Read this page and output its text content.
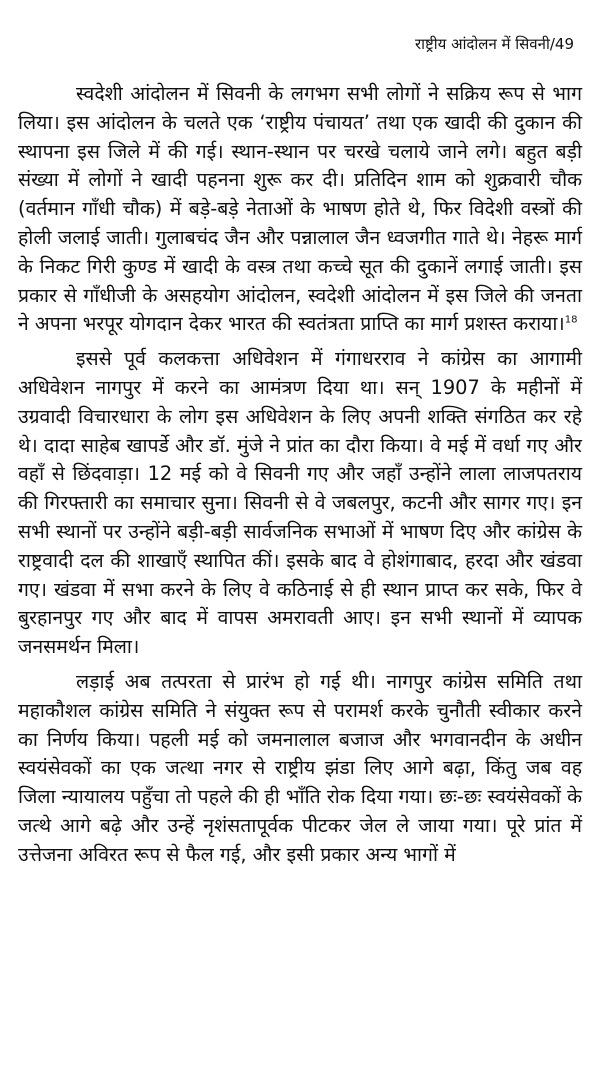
राष्ट्रीय आंदोलन में सिवनी/49

स्वदेशी आंदोलन में सिवनी के लगभग सभी लोगों ने सक्रिय रूप से भाग लिया। इस आंदोलन के चलते एक ‘राष्ट्रीय पंचायत’ तथा एक खादी की दुकान की स्थापना इस जिले में की गई। स्थान-स्थान पर चरखे चलाये जाने लगे। बहुत बड़ी संख्या में लोगों ने खादी पहनना शुरू कर दी। प्रतिदिन शाम को शुक्रवारी चौक (वर्तमान गाँधी चौक) में बड़े-बड़े नेताओं के भाषण होते थे, फिर विदेशी वस्त्रों की होली जलाई जाती। गुलाबचंद जैन और पन्नालाल जैन ध्वजगीत गाते थे। नेहरू मार्ग के निकट गिरी कुण्ड में खादी के वस्त्र तथा कच्चे सूत की दुकानें लगाई जाती। इस प्रकार से गाँधीजी के असहयोग आंदोलन, स्वदेशी आंदोलन में इस जिले की जनता ने अपना भरपूर योगदान देकर भारत की स्वतंत्रता प्राप्ति का मार्ग प्रशस्त कराया।$^{18}$

इससे पूर्व कलकत्ता अधिवेशन में गंगाधरराव ने कांग्रेस का आगामी अधिवेशन नागपुर में करने का आमंत्रण दिया था। सन् 1907 के महीनों में उग्रवादी विचारधारा के लोग इस अधिवेशन के लिए अपनी शक्ति संगठित कर रहे थे। दादा साहेब खापर्डे और डॉ. मुंजे ने प्रांत का दौरा किया। वे मई में वर्धा गए और वहाँ से छिंदवाड़ा। 12 मई को वे सिवनी गए और जहाँ उन्होंने लाला लाजपतराय की गिरफ्तारी का समाचार सुना। सिवनी से वे जबलपुर, कटनी और सागर गए। इन सभी स्थानों पर उन्होंने बड़ी-बड़ी सार्वजनिक सभाओं में भाषण दिए और कांग्रेस के राष्ट्रवादी दल की शाखाएँ स्थापित कीं। इसके बाद वे होशंगाबाद, हरदा और खंडवा गए। खंडवा में सभा करने के लिए वे कठिनाई से ही स्थान प्राप्त कर सके, फिर वे बुरहानपुर गए और बाद में वापस अमरावती आए। इन सभी स्थानों में व्यापक जनसमर्थन मिला।

लड़ाई अब तत्परता से प्रारंभ हो गई थी। नागपुर कांग्रेस समिति तथा महाकौशल कांग्रेस समिति ने संयुक्त रूप से परामर्श करके चुनौती स्वीकार करने का निर्णय किया। पहली मई को जमनालाल बजाज और भगवानदीन के अधीन स्वयंसेवकों का एक जत्था नगर से राष्ट्रीय झंडा लिए आगे बढ़ा, किंतु जब वह जिला न्यायालय पहुँचा तो पहले की ही भाँति रोक दिया गया। छः-छः स्वयंसेवकों के जत्थे आगे बढ़े और उन्हें नृशंसतापूर्वक पीटकर जेल ले जाया गया। पूरे प्रांत में उत्तेजना अविरत रूप से फैल गई, और इसी प्रकार अन्य भागों में
